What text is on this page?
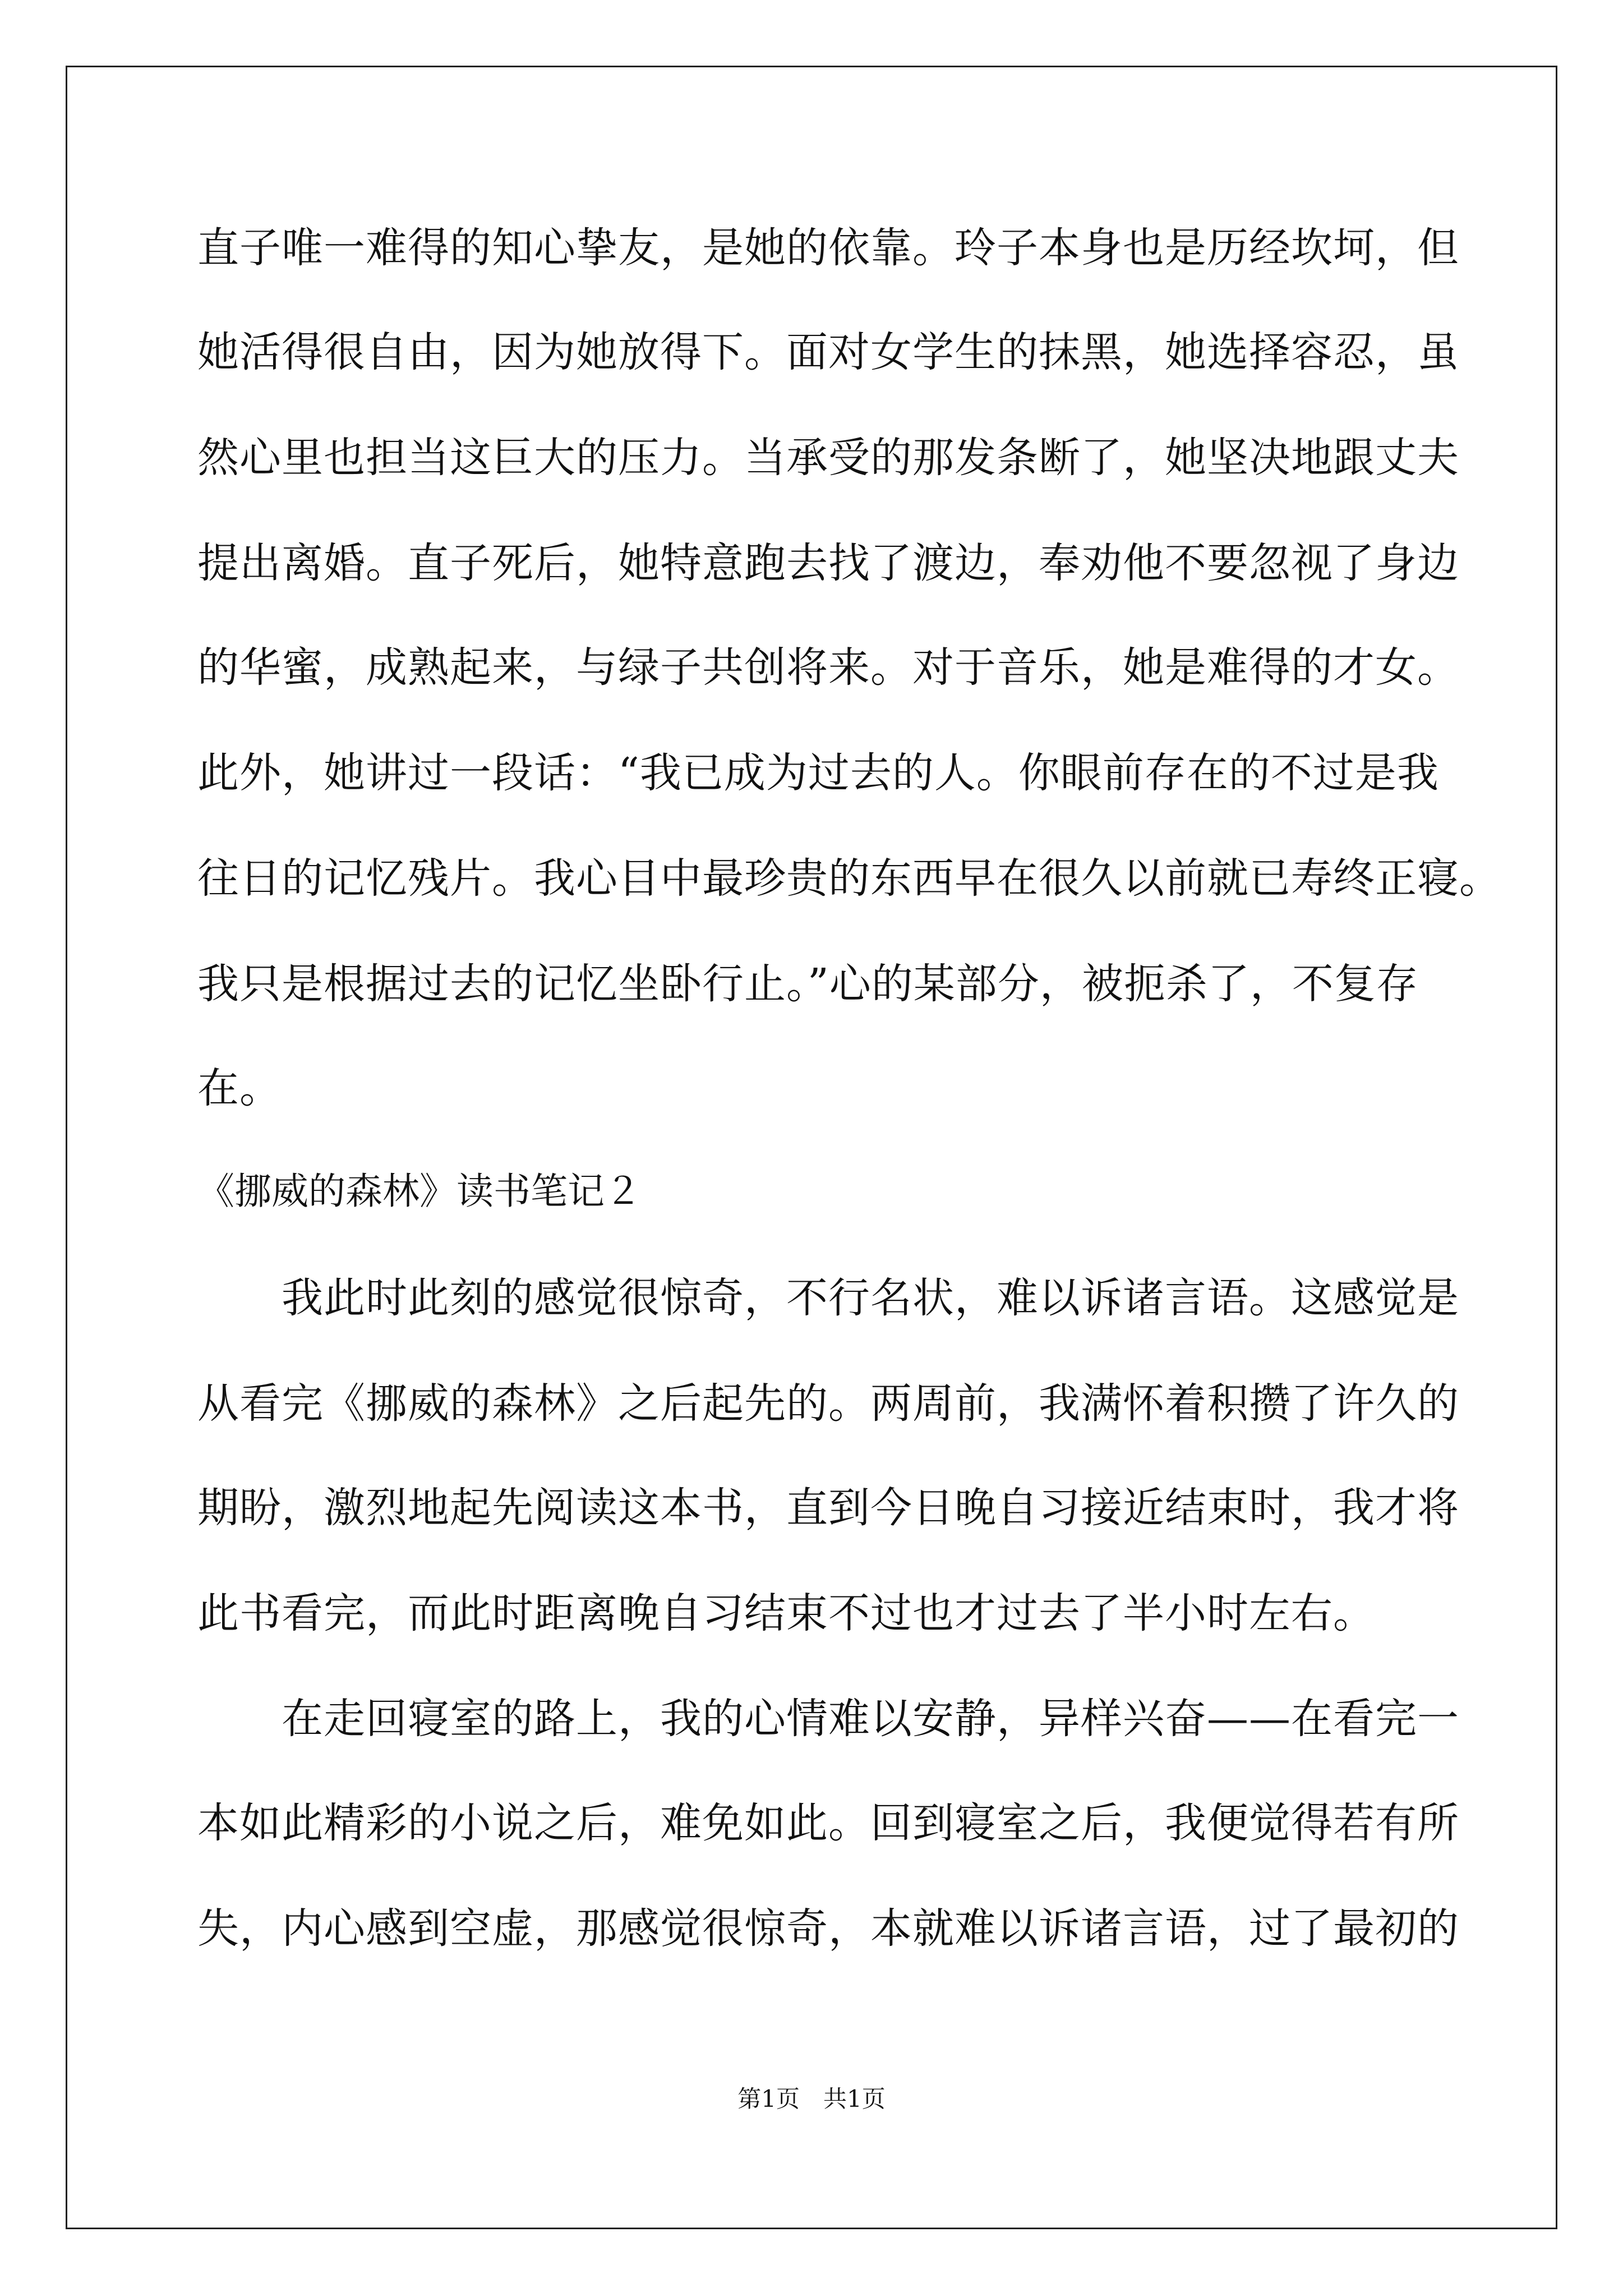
直子唯一难得的知心挚友，是她的依靠。玲子本身也是历经坎坷，但
她活得很自由，因为她放得下。面对女学生的抹黑，她选择容忍，虽
然心里也担当这巨大的压力。当承受的那发条断了，她坚决地跟丈夫
提出离婚。直子死后，她特意跑去找了渡边，奉劝他不要忽视了身边
的华蜜，成熟起来，与绿子共创将来。对于音乐，她是难得的才女。
此外，她讲过一段话：“我已成为过去的人。你眼前存在的不过是我
往日的记忆残片。我心目中最珍贵的东西早在很久以前就已寿终正寝。
我只是根据过去的记忆坐卧行止。”心的某部分，被扼杀了，不复存
在。
《挪威的森林》读书笔记２
我此时此刻的感觉很惊奇，不行名状，难以诉诸言语。这感觉是
从看完《挪威的森林》之后起先的。两周前，我满怀着积攒了许久的
期盼，激烈地起先阅读这本书，直到今日晚自习接近结束时，我才将
此书看完，而此时距离晚自习结束不过也才过去了半小时左右。
在走回寝室的路上，我的心情难以安静，异样兴奋——在看完一
本如此精彩的小说之后，难免如此。回到寝室之后，我便觉得若有所
失，内心感到空虚，那感觉很惊奇，本就难以诉诸言语，过了最初的
第1页　共1页
